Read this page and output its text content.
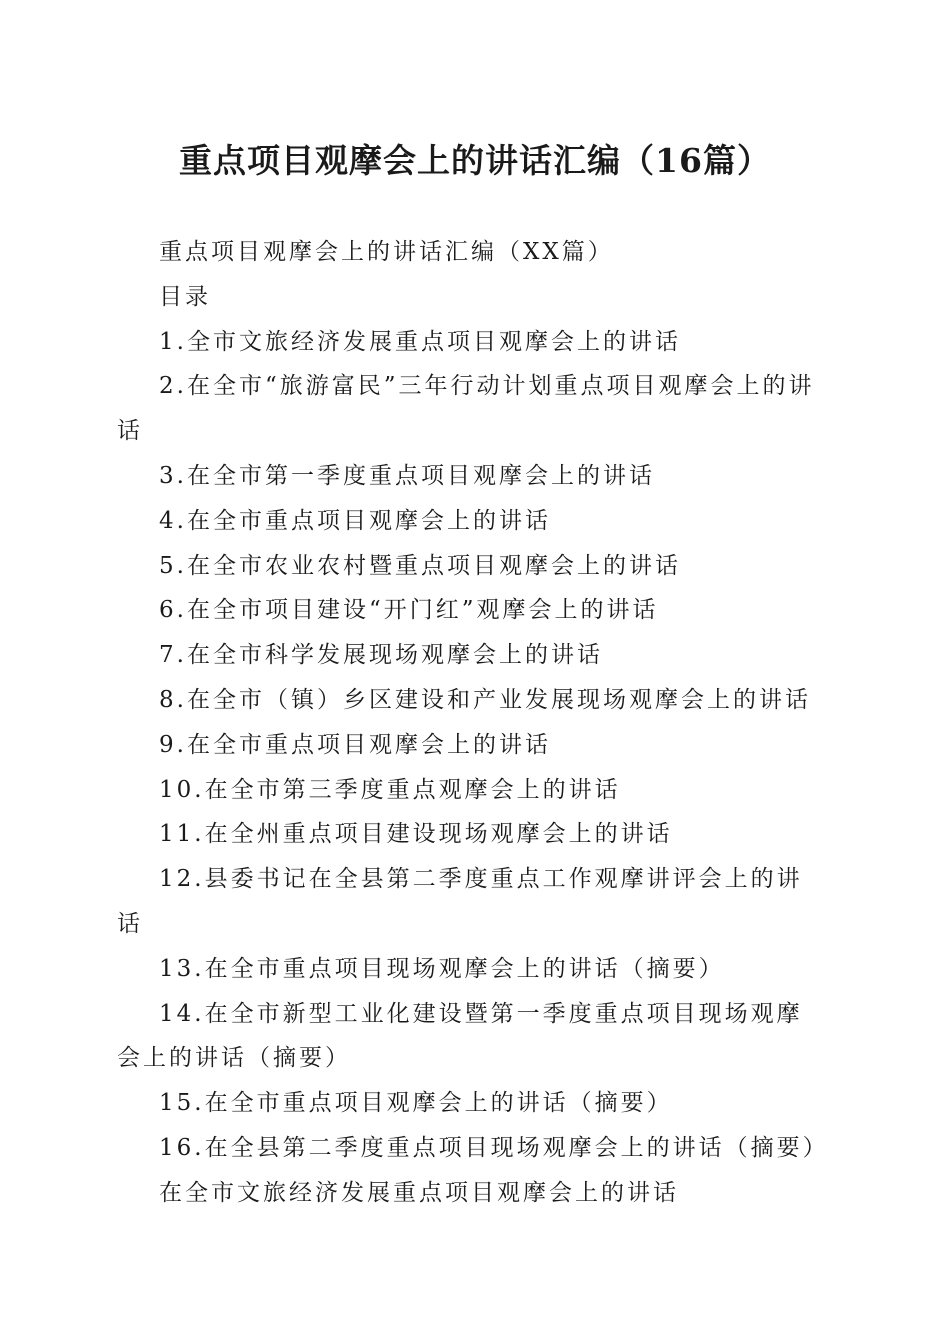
重点项目观摩会上的讲话汇编（16篇）

重点项目观摩会上的讲话汇编（XX篇）

目录

1.全市文旅经济发展重点项目观摩会上的讲话

2.在全市“旅游富民”三年行动计划重点项目观摩会上的讲话

3.在全市第一季度重点项目观摩会上的讲话

4.在全市重点项目观摩会上的讲话

5.在全市农业农村暨重点项目观摩会上的讲话

6.在全市项目建设“开门红”观摩会上的讲话

7.在全市科学发展现场观摩会上的讲话

8.在全市（镇）乡区建设和产业发展现场观摩会上的讲话

9.在全市重点项目观摩会上的讲话

10.在全市第三季度重点观摩会上的讲话

11.在全州重点项目建设现场观摩会上的讲话

12.县委书记在全县第二季度重点工作观摩讲评会上的讲话

13.在全市重点项目现场观摩会上的讲话（摘要）

14.在全市新型工业化建设暨第一季度重点项目现场观摩会上的讲话（摘要）

15.在全市重点项目观摩会上的讲话（摘要）

16.在全县第二季度重点项目现场观摩会上的讲话（摘要）

在全市文旅经济发展重点项目观摩会上的讲话
